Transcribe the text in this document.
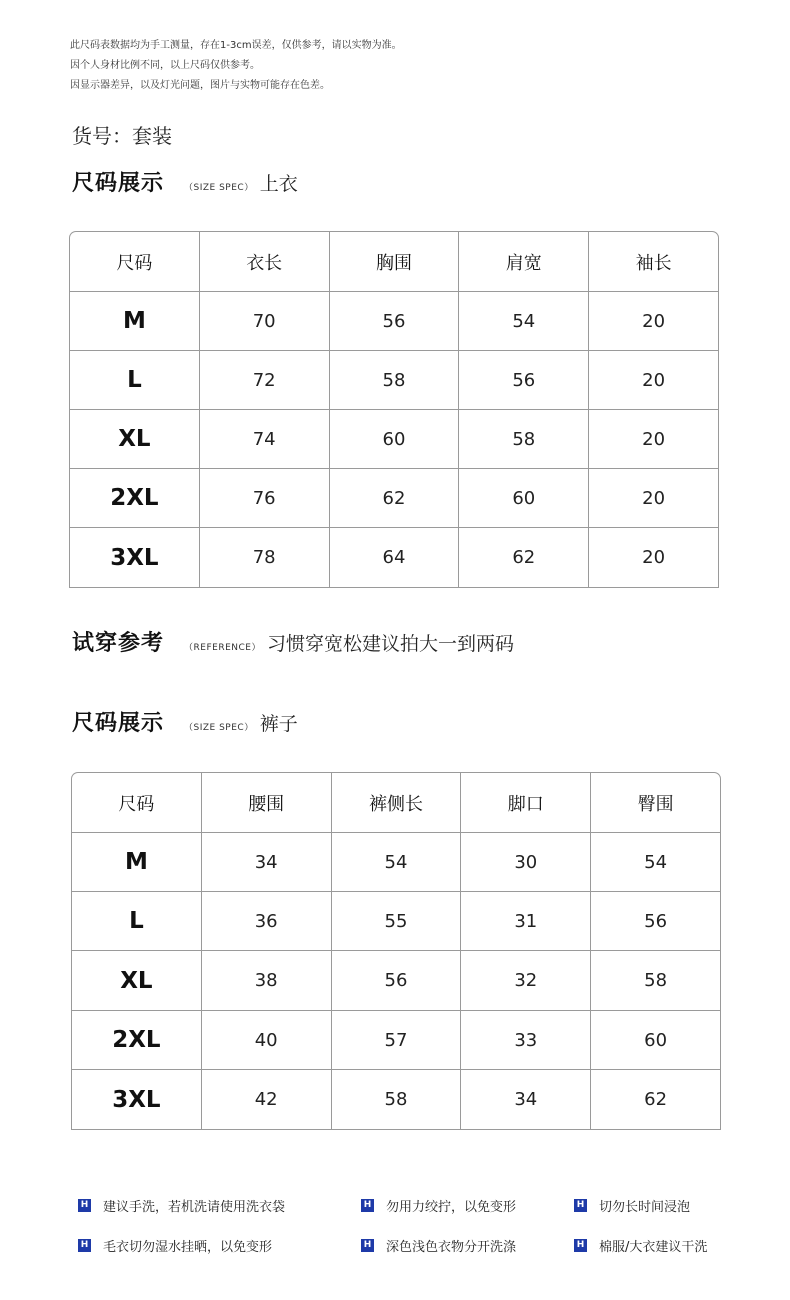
此尺码表数据均为手工测量，存在1-3cm误差，仅供参考，请以实物为准。
因个人身材比例不同，以上尺码仅供参考。
因显示器差异，以及灯光问题，图片与实物可能存在色差。
货号：套装
尺码展示 （SIZE SPEC） 上衣
尺码	衣长	胸围	肩宽	袖长
M	70	56	54	20
L	72	58	56	20
XL	74	60	58	20
2XL	76	62	60	20
3XL	78	64	62	20
试穿参考 （REFERENCE） 习惯穿宽松建议拍大一到两码
尺码展示 （SIZE SPEC） 裤子
尺码	腰围	裤侧长	脚口	臀围
M	34	54	30	54
L	36	55	31	56
XL	38	56	32	58
2XL	40	57	33	60
3XL	42	58	34	62
H 建议手洗，若机洗请使用洗衣袋	H 勿用力绞拧，以免变形	H 切勿长时间浸泡
H 毛衣切勿湿水挂晒，以免变形	H 深色浅色衣物分开洗涤	H 棉服/大衣建议干洗
